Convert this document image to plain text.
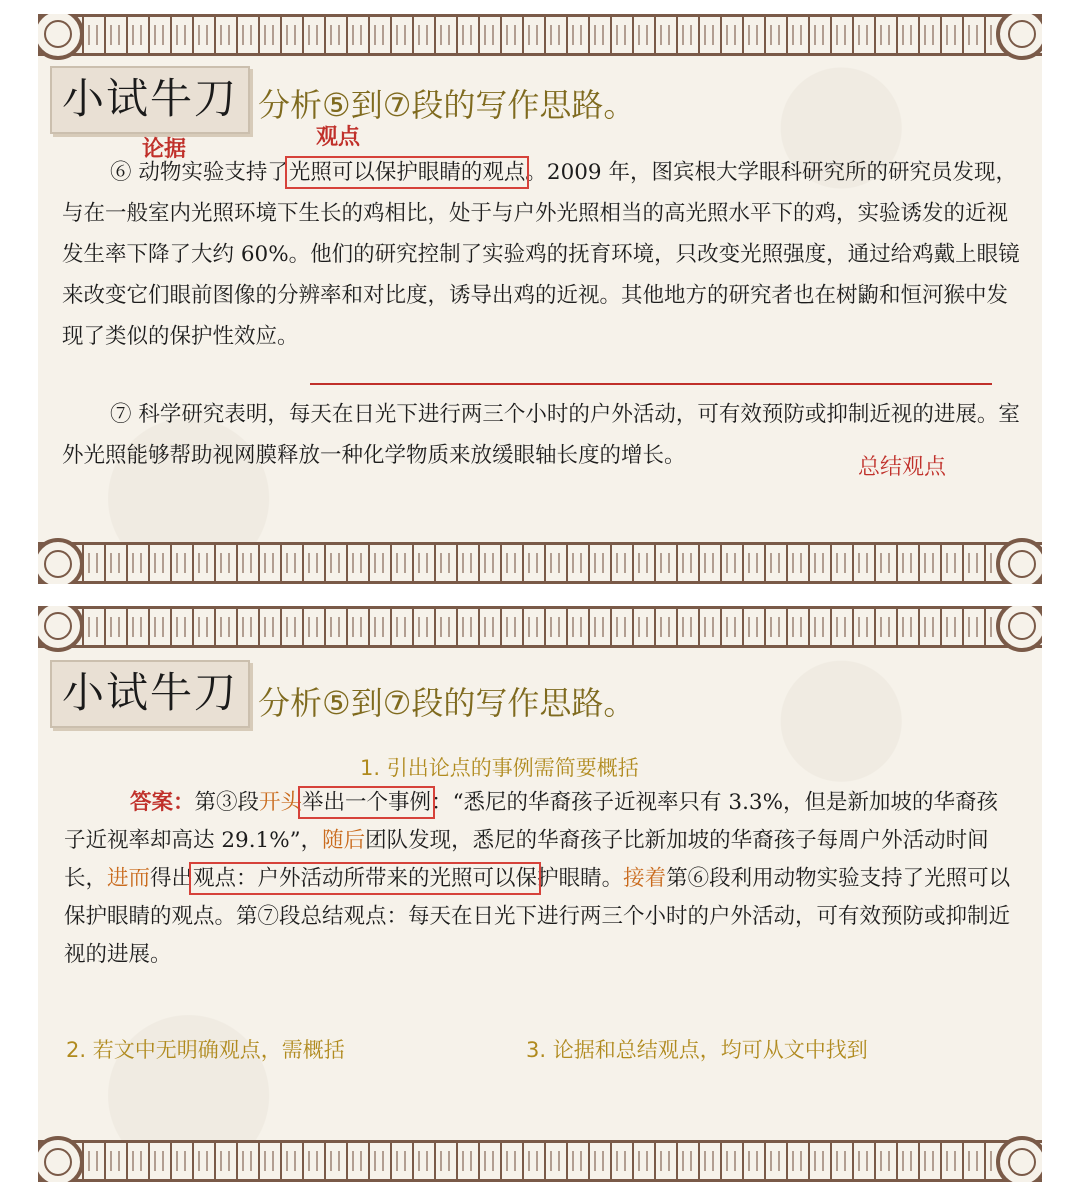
小试牛刀 分析⑤到⑦段的写作思路。
论据	观点
⑥ 动物实验支持了光照可以保护眼睛的观点。2009 年，图宾根大学眼科研究所的研究员发现，与在一般室内光照环境下生长的鸡相比，处于与户外光照相当的高光照水平下的鸡，实验诱发的近视发生率下降了大约 60%。他们的研究控制了实验鸡的抚育环境，只改变光照强度，通过给鸡戴上眼镜来改变它们眼前图像的分辨率和对比度，诱导出鸡的近视。其他地方的研究者也在树鼩和恒河猴中发现了类似的保护性效应。
⑦ 科学研究表明，每天在日光下进行两三个小时的户外活动，可有效预防或抑制近视的进展。室外光照能够帮助视网膜释放一种化学物质来放缓眼轴长度的增长。	总结观点
小试牛刀 分析⑤到⑦段的写作思路。
1. 引出论点的事例需简要概括
答案：第③段开头举出一个事例：“悉尼的华裔孩子近视率只有 3.3%，但是新加坡的华裔孩子近视率却高达 29.1%”，随后团队发现，悉尼的华裔孩子比新加坡的华裔孩子每周户外活动时间长，进而得出观点：户外活动所带来的光照可以保护眼睛。接着第⑥段利用动物实验支持了光照可以保护眼睛的观点。第⑦段总结观点：每天在日光下进行两三个小时的户外活动，可有效预防或抑制近视的进展。
2. 若文中无明确观点，需概括	3. 论据和总结观点，均可从文中找到
